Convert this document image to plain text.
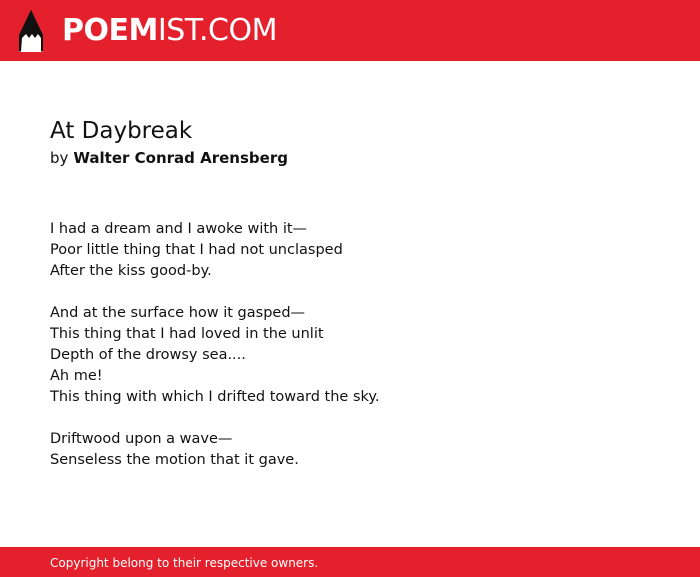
POEMIST.COM
At Daybreak
by Walter Conrad Arensberg
I had a dream and I awoke with it—
Poor little thing that I had not unclasped
After the kiss good-by.
And at the surface how it gasped—
This thing that I had loved in the unlit
Depth of the drowsy sea....
Ah me!
This thing with which I drifted toward the sky.
Driftwood upon a wave—
Senseless the motion that it gave.
Copyright belong to their respective owners.
